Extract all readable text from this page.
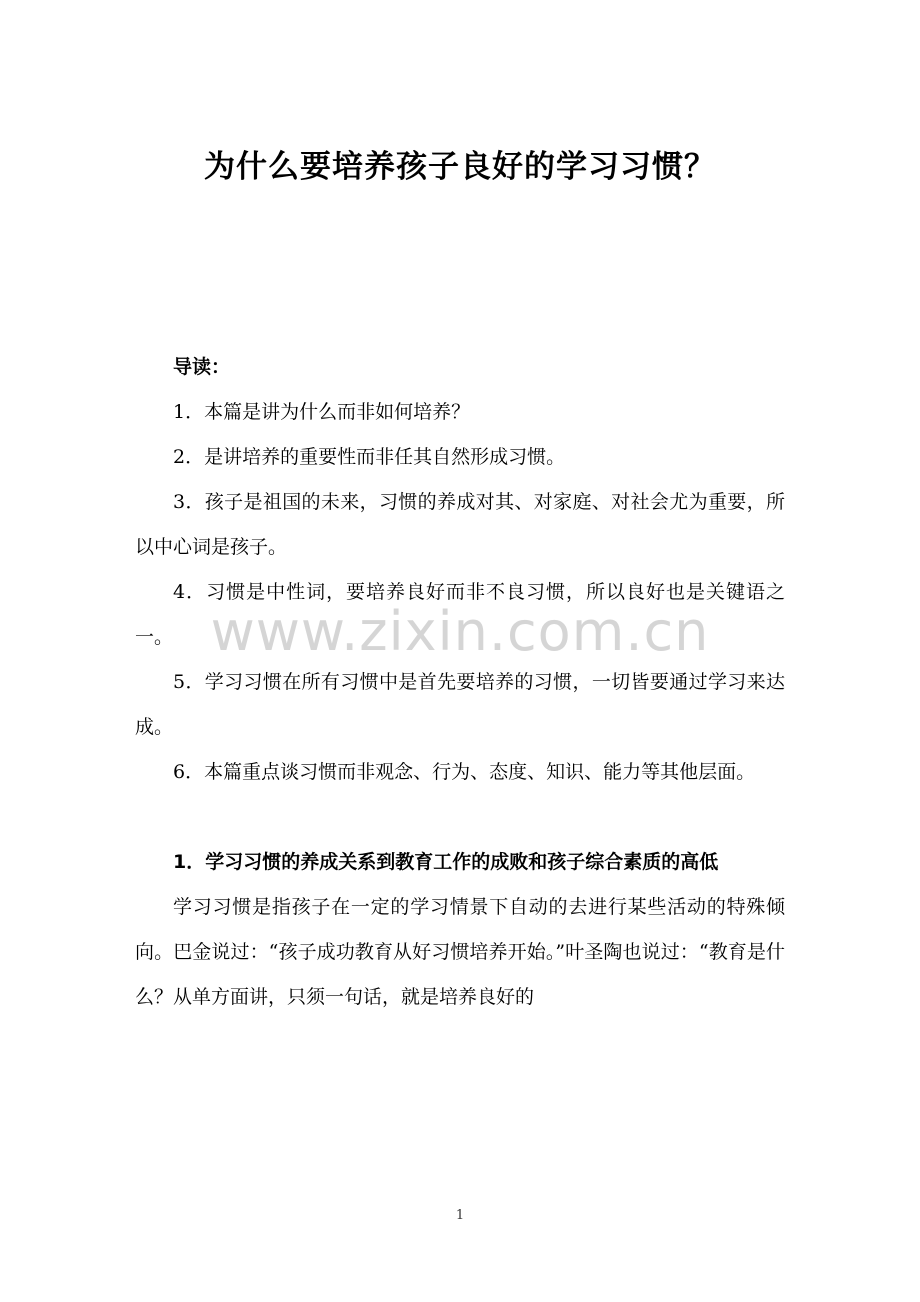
为什么要培养孩子良好的学习习惯？

导读：

1．本篇是讲为什么而非如何培养？

2．是讲培养的重要性而非任其自然形成习惯。

3．孩子是祖国的未来，习惯的养成对其、对家庭、对社会尤为重要，所以中心词是孩子。

4．习惯是中性词，要培养良好而非不良习惯，所以良好也是关键语之一。

5．学习习惯在所有习惯中是首先要培养的习惯，一切皆要通过学习来达成。

6．本篇重点谈习惯而非观念、行为、态度、知识、能力等其他层面。

1．学习习惯的养成关系到教育工作的成败和孩子综合素质的高低

学习习惯是指孩子在一定的学习情景下自动的去进行某些活动的特殊倾向。巴金说过：“孩子成功教育从好习惯培养开始。”叶圣陶也说过：“教育是什么？从单方面讲，只须一句话，就是培养良好的

www.zixin.com.cn
1
